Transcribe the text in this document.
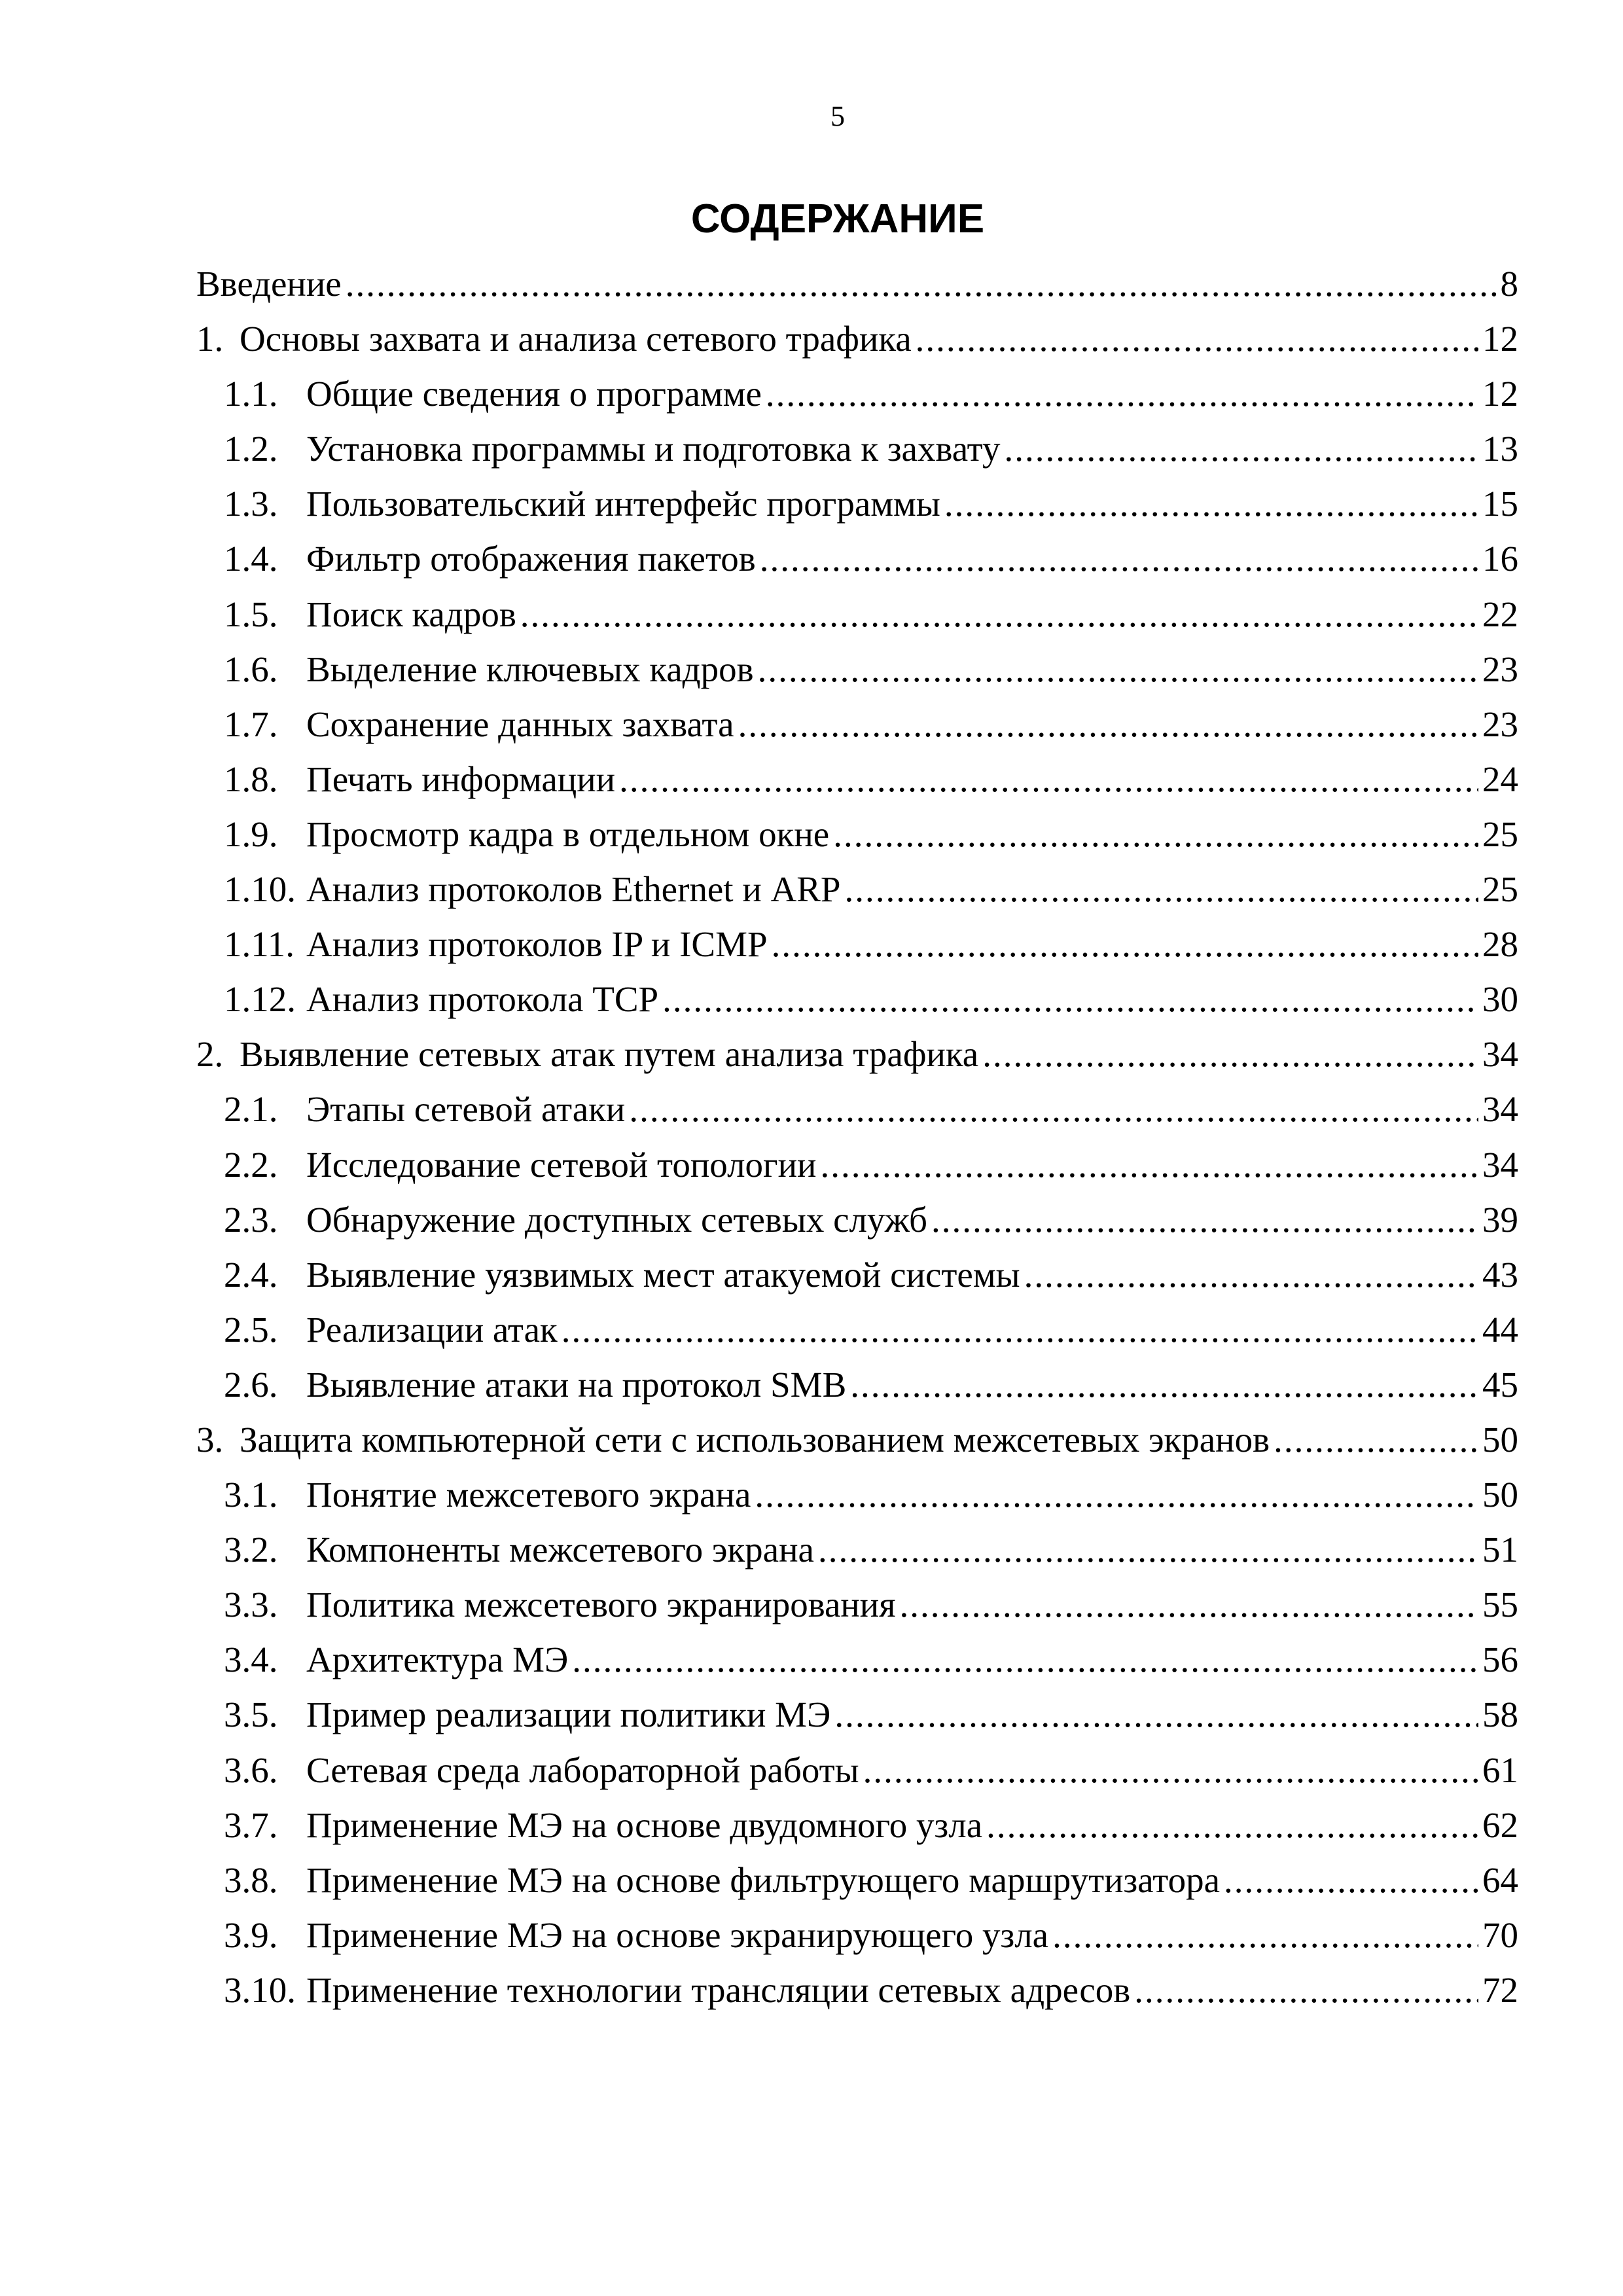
5
СОДЕРЖАНИЕ
Введение .....	8
1. Основы захвата и анализа сетевого трафика .....	12
1.1. Общие сведения о программе .....	12
1.2. Установка программы и подготовка к захвату .....	13
1.3. Пользовательский интерфейс программы .....	15
1.4. Фильтр отображения пакетов .....	16
1.5. Поиск кадров .....	22
1.6. Выделение ключевых кадров .....	23
1.7. Сохранение данных захвата .....	23
1.8. Печать информации .....	24
1.9. Просмотр кадра в отдельном окне .....	25
1.10. Анализ протоколов Ethernet и ARP .....	25
1.11. Анализ протоколов IP и ICMP .....	28
1.12. Анализ протокола TCP .....	30
2. Выявление сетевых атак путем анализа трафика .....	34
2.1. Этапы сетевой атаки .....	34
2.2. Исследование сетевой топологии .....	34
2.3. Обнаружение доступных сетевых служб .....	39
2.4. Выявление уязвимых мест атакуемой системы .....	43
2.5. Реализации атак .....	44
2.6. Выявление атаки на протокол SMB .....	45
3. Защита компьютерной сети с использованием межсетевых экранов .....	50
3.1. Понятие межсетевого экрана .....	50
3.2. Компоненты межсетевого экрана .....	51
3.3. Политика межсетевого экранирования .....	55
3.4. Архитектура МЭ .....	56
3.5. Пример реализации политики МЭ .....	58
3.6. Сетевая среда лабораторной работы .....	61
3.7. Применение МЭ на основе двудомного узла .....	62
3.8. Применение МЭ на основе фильтрующего маршрутизатора .....	64
3.9. Применение МЭ на основе экранирующего узла .....	70
3.10. Применение технологии трансляции сетевых адресов .....	72
